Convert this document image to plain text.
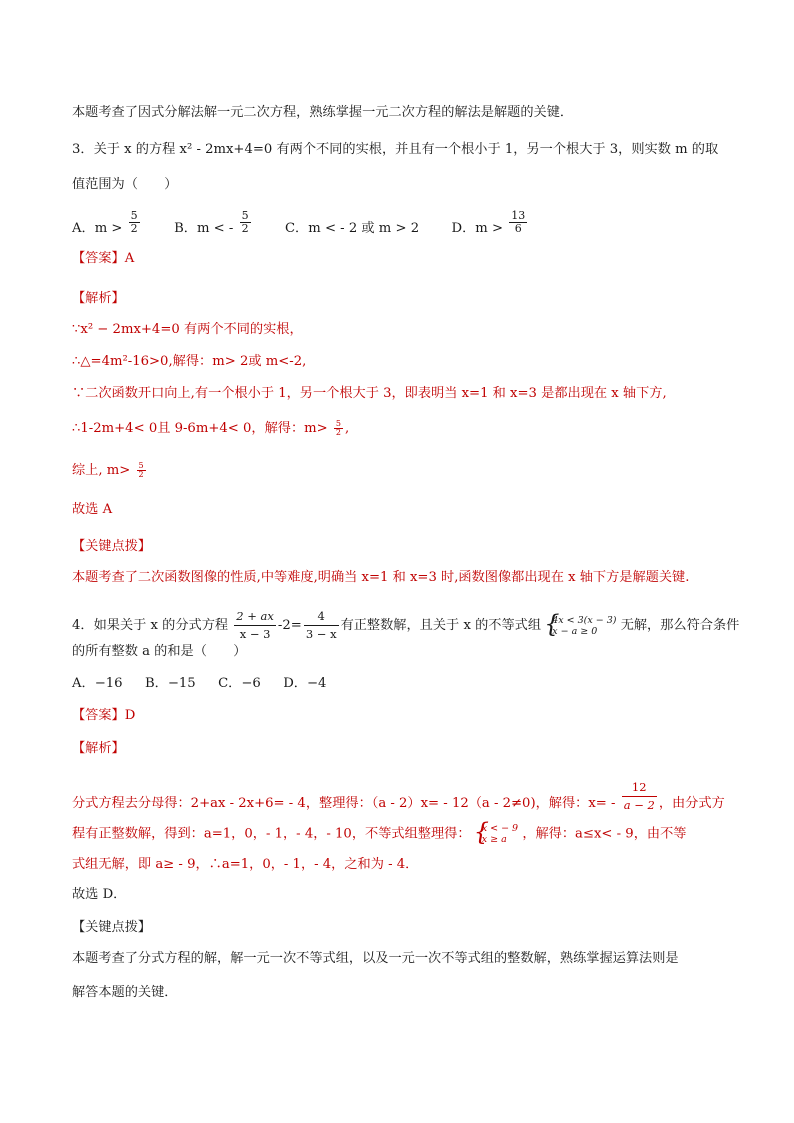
本题考查了因式分解法解一元二次方程，熟练掌握一元二次方程的解法是解题的关键．
3．关于 x 的方程 x² - 2mx+4=0 有两个不同的实根，并且有一个根小于 1，另一个根大于 3，则实数 m 的取
值范围为（　　）
A．$m > \frac{5}{2}$	B．m < - $\frac{5}{2}$	C．m < - 2 或 m > 2 D．$m > \frac{13}{6}$
【答案】A
【解析】
∵x² − 2mx+4=0 有两个不同的实根，
∴△=4m²-16>0,解得：m> 2或 m<-2,
∵二次函数开口向上,有一个根小于 1，另一个根大于 3，即表明当 x=1 和 x=3 是都出现在 x 轴下方,
∴1-2m+4< 0且 9-6m+4< 0，解得：$m> \frac{5}{2}$ ,
综上, $m> \frac{5}{2}$
故选 A
【关键点拨】
本题考查了二次函数图像的性质,中等难度,明确当 x=1 和 x=3 时,函数图像都出现在 x 轴下方是解题关键.
4．如果关于 x 的分式方程 $\frac{2 + ax}{x - 3} -2= \frac{4}{3 - x}$ 有正整数解，且关于 x 的不等式组 { 4x < 3(x − 3)
x − a ≥ 0	无解，那么符合条件
的所有整数 a 的和是（　　）
A．−16 B．−15 C．−6 D．−4
【答案】D
【解析】
分式方程去分母得：2+ax - 2x+6= - 4，整理得：（a - 2）x= - 12（a - 2≠0)，解得：$x= - \frac{12}{a - 2}$ ，由分式方
程有正整数解，得到：a=1，0，- 1，- 4，- 10，不等式组整理得： { x < − 9
x ≥ a	，解得：a≤x< - 9，由不等
式组无解，即 a≥ - 9，∴a=1，0，- 1，- 4，之和为 - 4．
故选 D．
【关键点拨】
本题考查了分式方程的解，解一元一次不等式组，以及一元一次不等式组的整数解，熟练掌握运算法则是
解答本题的关键．
